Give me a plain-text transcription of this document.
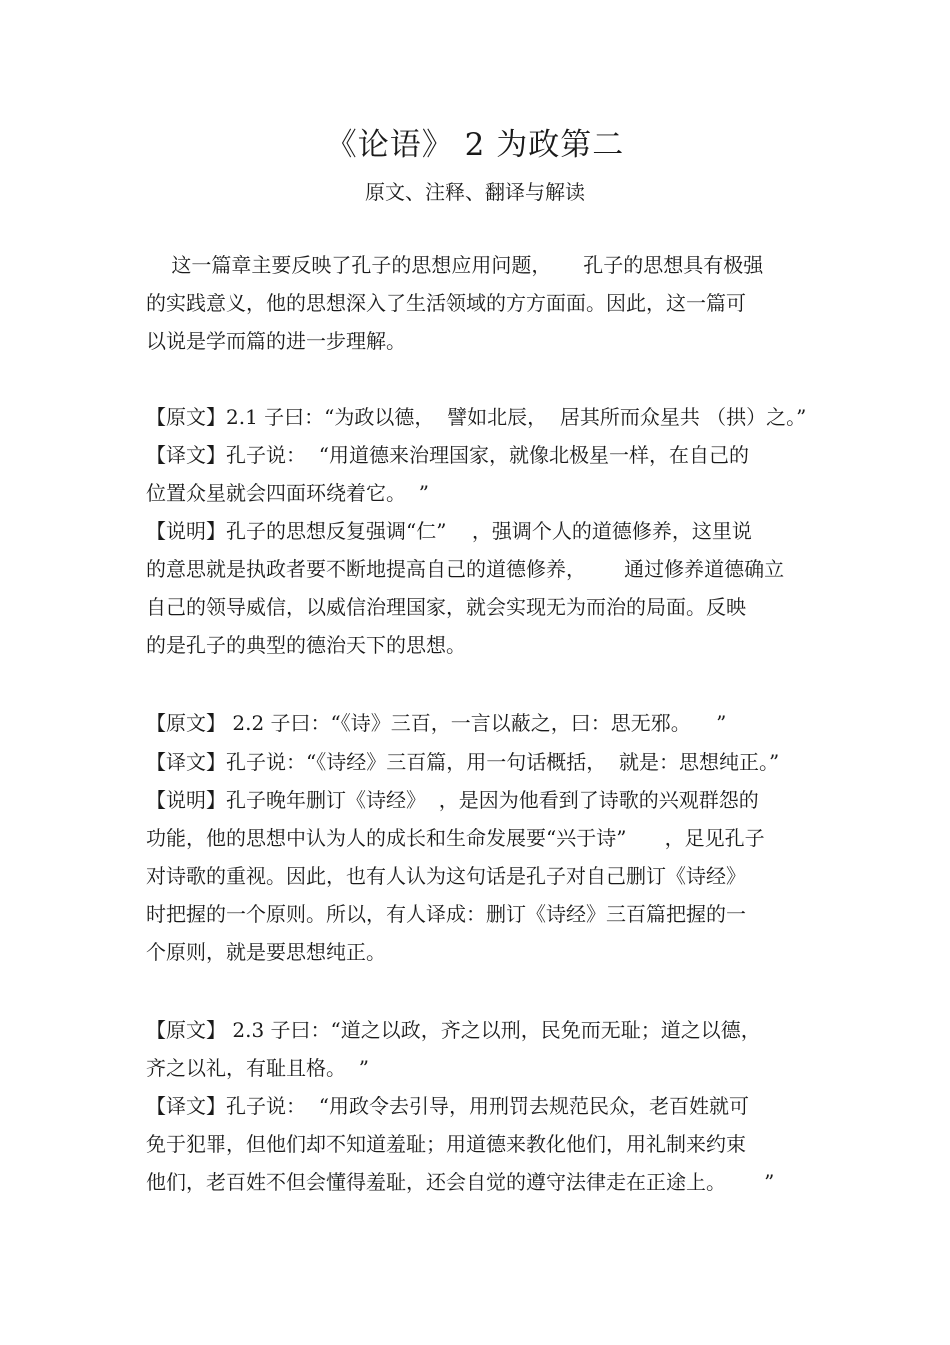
《论语》 2 为政第二
原文、注释、翻译与解读
这一篇章主要反映了孔子的思想应用问题，     孔子的思想具有极强
的实践意义，他的思想深入了生活领域的方方面面。因此，这一篇可
以说是学而篇的进一步理解。
【原文】2.1 子曰：“为政以德，  譬如北辰，  居其所而众星共 （拱）之。”
【译文】孔子说：  “用道德来治理国家，就像北极星一样，在自己的
位置众星就会四面环绕着它。  ”
【说明】孔子的思想反复强调“仁”    ，强调个人的道德修养，这里说
的意思就是执政者要不断地提高自己的道德修养，      通过修养道德确立
自己的领导威信，以威信治理国家，就会实现无为而治的局面。反映
的是孔子的典型的德治天下的思想。
【原文】 2.2 子曰：“《诗》三百，一言以蔽之，曰：思无邪。    ”
【译文】孔子说：“《诗经》三百篇，用一句话概括，  就是：思想纯正。”
【说明】孔子晚年删订《诗经》  ，是因为他看到了诗歌的兴观群怨的
功能，他的思想中认为人的成长和生命发展要“兴于诗”      ，足见孔子
对诗歌的重视。因此，也有人认为这句话是孔子对自己删订《诗经》
时把握的一个原则。所以，有人译成：删订《诗经》三百篇把握的一
个原则，就是要思想纯正。
【原文】 2.3 子曰：“道之以政，齐之以刑，民免而无耻；道之以德，
齐之以礼，有耻且格。  ”
【译文】孔子说：  “用政令去引导，用刑罚去规范民众，老百姓就可
免于犯罪，但他们却不知道羞耻；用道德来教化他们，用礼制来约束
他们，老百姓不但会懂得羞耻，还会自觉的遵守法律走在正途上。      ”
